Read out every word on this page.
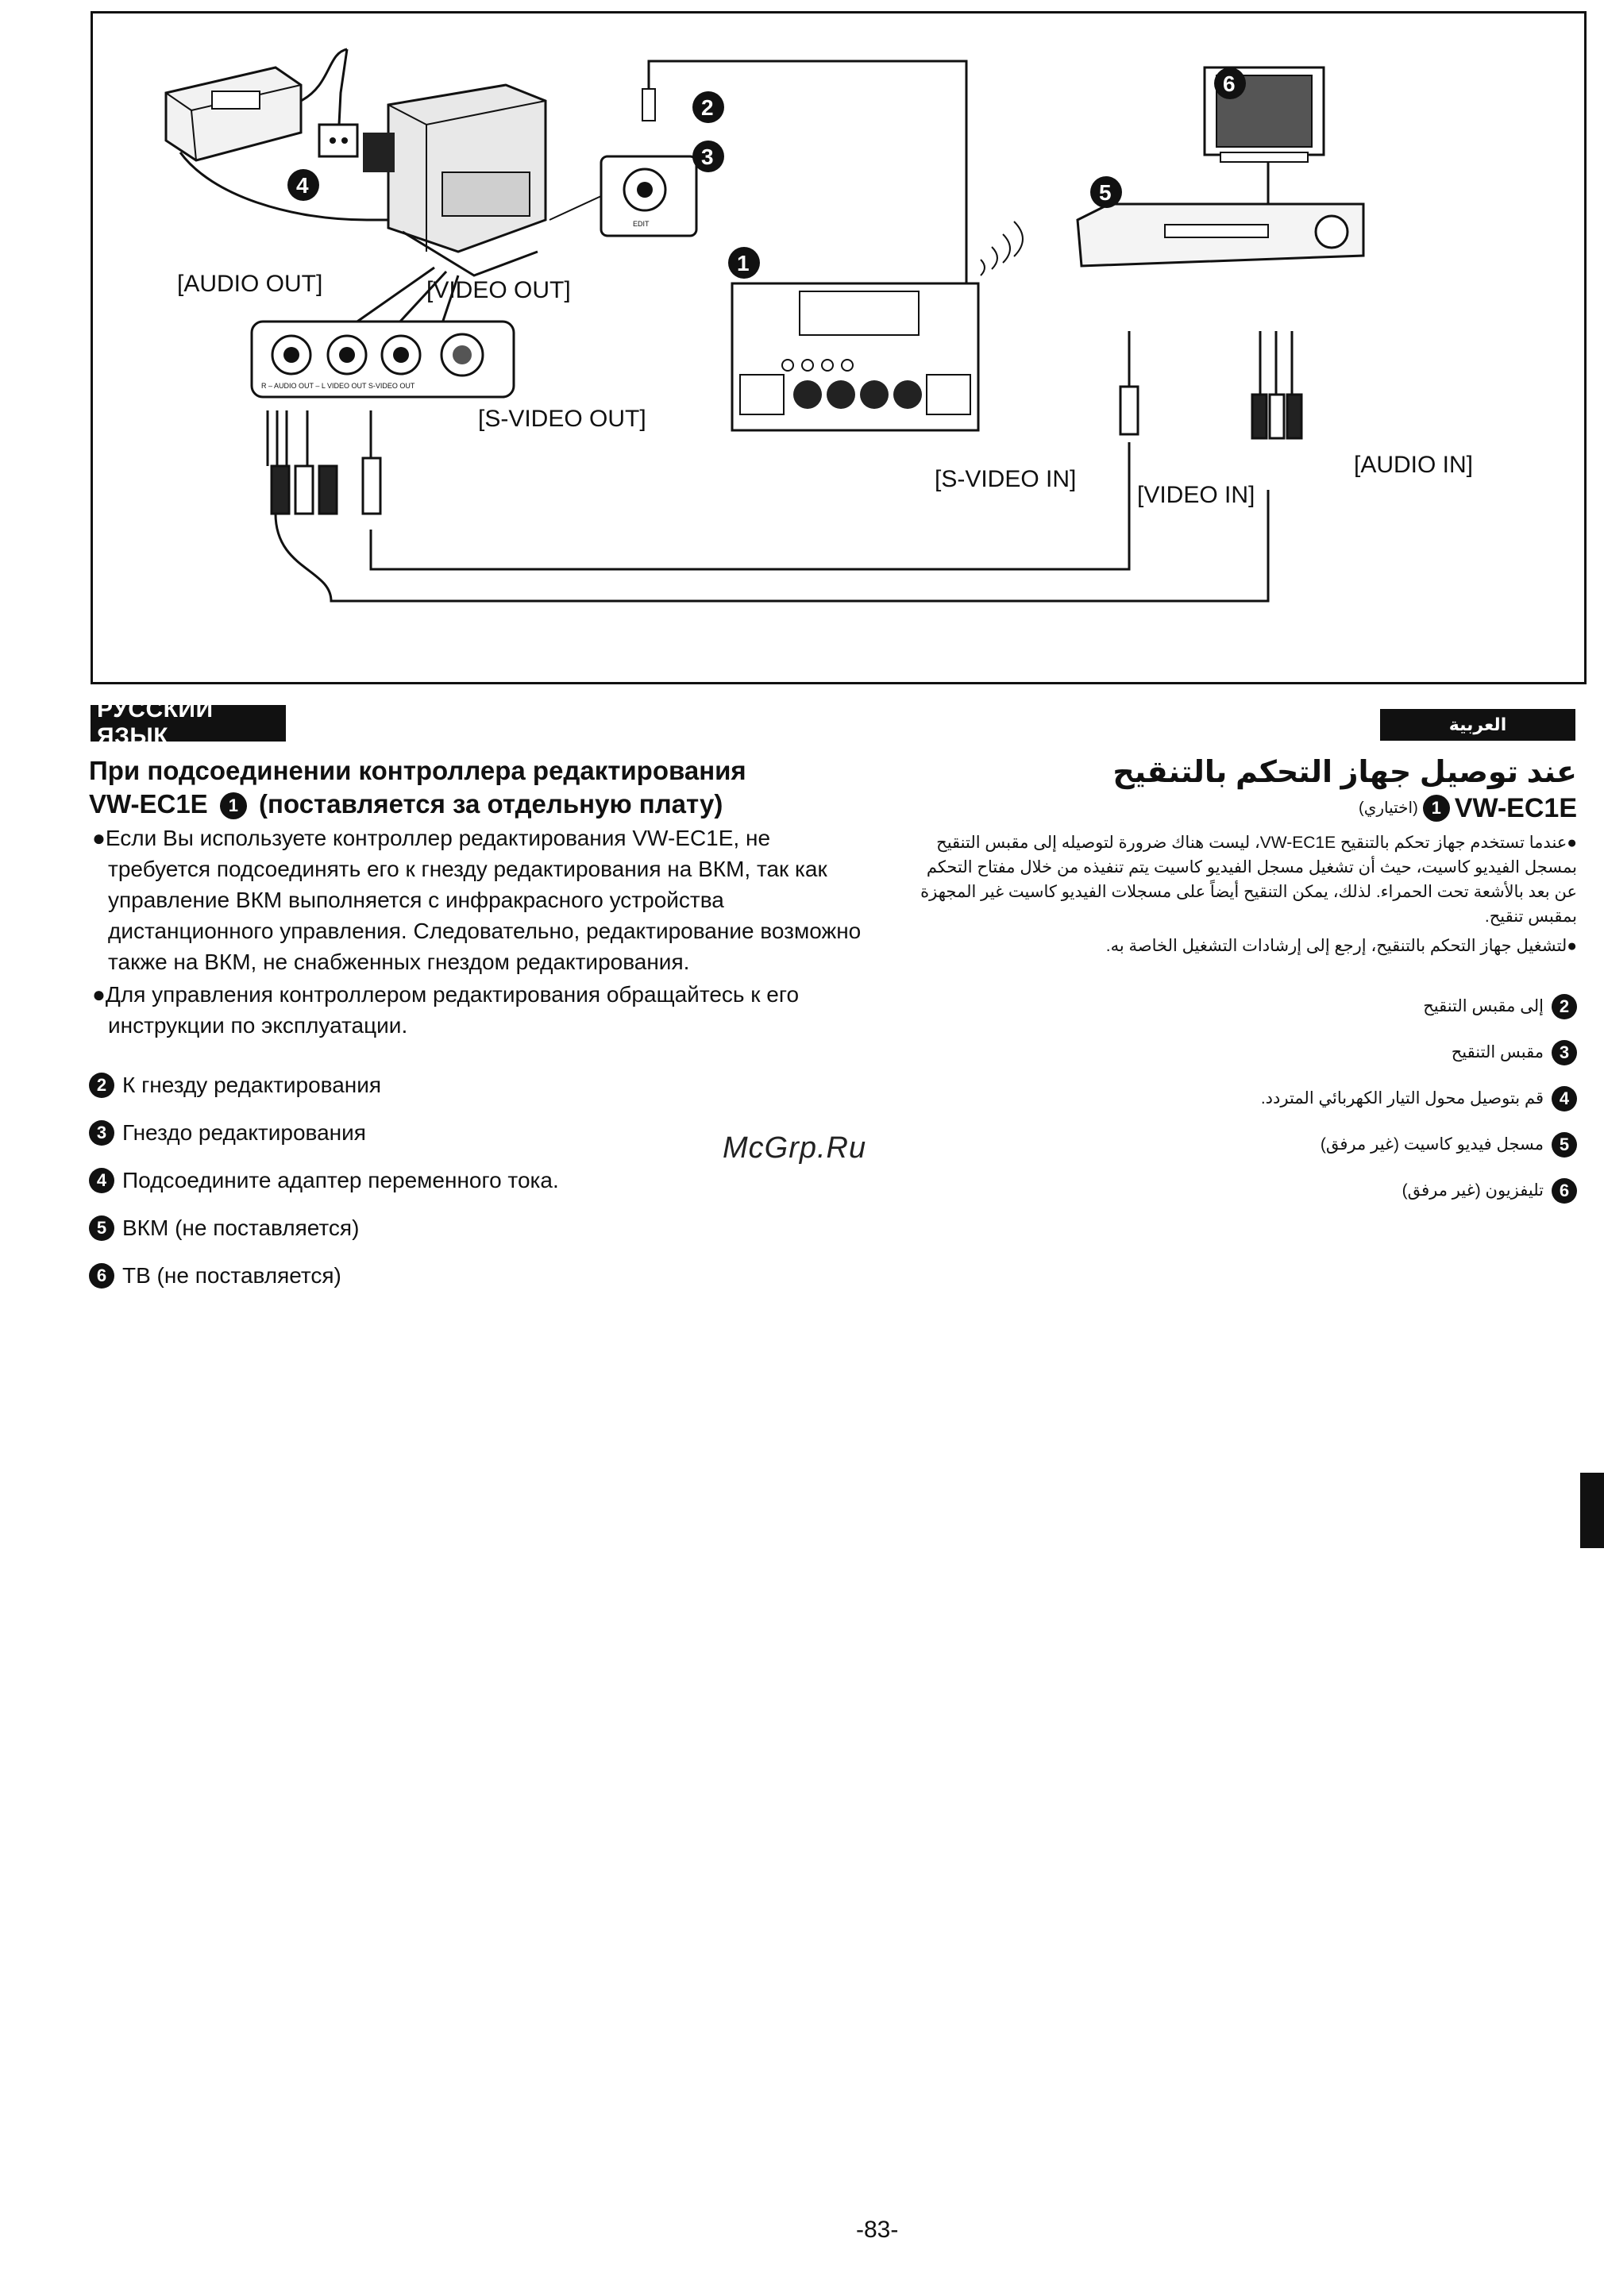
EDIT
R – AUDIO OUT – L VIDEO OUT S-VIDEO OUT
1
2
3
4	5
6
[AUDIO OUT]	[VIDEO OUT]
[S-VIDEO OUT]
[S-VIDEO IN]
[VIDEO IN]
[AUDIO IN]
РУССКИЙ ЯЗЫК
При подсоединении контроллера редактирования
VW-EC1E 1 (поставляется за отдельную плату)
●Если Вы используете контроллер редактирования VW-EC1E, не требуется подсоединять его к гнезду редактирования на ВКМ, так как управление ВКМ выполняется с инфракрасного устройства дистанционного управления. Следовательно, редактирование возможно также на ВКМ, не снабженных гнездом редактирования.
●Для управления контроллером редактирования обращайтесь к его инструкции по эксплуатации.
2 К гнезду редактирования
3 Гнездо редактирования
4 Подсоедините адаптер переменного тока.
5 ВКМ (не поставляется)
6 ТВ (не поставляется)
McGrp.Ru
العربية
عند توصيل جهاز التحكم بالتنقيح
VW-EC1E
1
(اختياري)
●عندما تستخدم جهاز تحكم بالتنقيح VW-EC1E، ليست هناك ضرورة لتوصيله إلى مقبس التنقيح بمسجل الفيديو كاسيت، حيث أن تشغيل مسجل الفيديو كاسيت يتم تنفيذه من خلال مفتاح التحكم عن بعد بالأشعة تحت الحمراء. لذلك، يمكن التنقيح أيضاً على مسجلات الفيديو كاسيت غير المجهزة بمقبس تنقيح.
●لتشغيل جهاز التحكم بالتنقيح، إرجع إلى إرشادات التشغيل الخاصة به.
2
إلى مقبس التنقيح
3
مقبس التنقيح
4
قم بتوصيل محول التيار الكهربائي المتردد.
5
مسجل فيديو كاسيت (غير مرفق)
6
تليفزيون (غير مرفق)
-83-
